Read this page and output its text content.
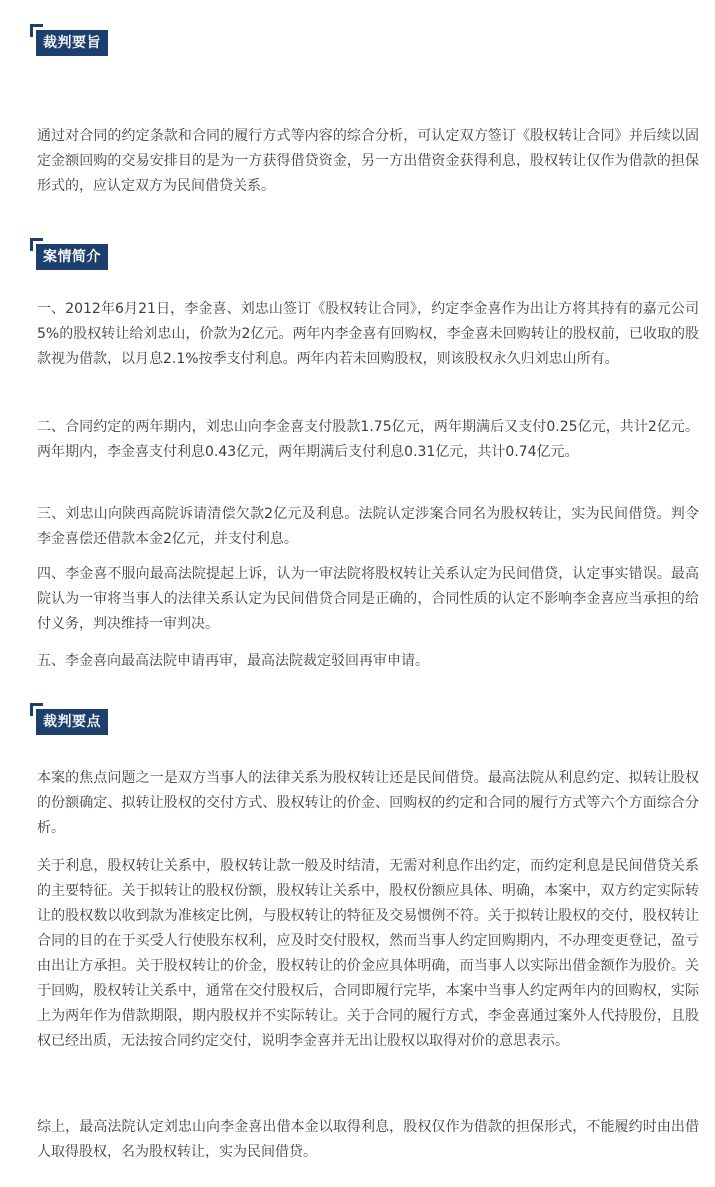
裁判要旨

通过对合同的约定条款和合同的履行方式等内容的综合分析，可认定双方签订《股权转让合同》并后续以固定金额回购的交易安排目的是为一方获得借贷资金，另一方出借资金获得利息，股权转让仅作为借款的担保形式的，应认定双方为民间借贷关系。

案情简介

一、2012年6月21日，李金喜、刘忠山签订《股权转让合同》，约定李金喜作为出让方将其持有的嘉元公司5%的股权转让给刘忠山，价款为2亿元。两年内李金喜有回购权，李金喜未回购转让的股权前，已收取的股款视为借款，以月息2.1%按季支付利息。两年内若未回购股权，则该股权永久归刘忠山所有。

二、合同约定的两年期内，刘忠山向李金喜支付股款1.75亿元，两年期满后又支付0.25亿元，共计2亿元。两年期内，李金喜支付利息0.43亿元，两年期满后支付利息0.31亿元，共计0.74亿元。

三、刘忠山向陕西高院诉请清偿欠款2亿元及利息。法院认定涉案合同名为股权转让，实为民间借贷。判令李金喜偿还借款本金2亿元，并支付利息。

四、李金喜不服向最高法院提起上诉，认为一审法院将股权转让关系认定为民间借贷，认定事实错误。最高院认为一审将当事人的法律关系认定为民间借贷合同是正确的，合同性质的认定不影响李金喜应当承担的给付义务，判决维持一审判决。

五、李金喜向最高法院申请再审，最高法院裁定驳回再审申请。

裁判要点

本案的焦点问题之一是双方当事人的法律关系为股权转让还是民间借贷。最高法院从利息约定、拟转让股权的份额确定、拟转让股权的交付方式、股权转让的价金、回购权的约定和合同的履行方式等六个方面综合分析。

关于利息，股权转让关系中，股权转让款一般及时结清，无需对利息作出约定，而约定利息是民间借贷关系的主要特征。关于拟转让的股权份额，股权转让关系中，股权份额应具体、明确，本案中，双方约定实际转让的股权数以收到款为准核定比例，与股权转让的特征及交易惯例不符。关于拟转让股权的交付，股权转让合同的目的在于买受人行使股东权利，应及时交付股权，然而当事人约定回购期内，不办理变更登记，盈亏由出让方承担。关于股权转让的价金，股权转让的价金应具体明确，而当事人以实际出借金额作为股价。关于回购，股权转让关系中，通常在交付股权后，合同即履行完毕，本案中当事人约定两年内的回购权，实际上为两年作为借款期限，期内股权并不实际转让。关于合同的履行方式，李金喜通过案外人代持股份，且股权已经出质，无法按合同约定交付，说明李金喜并无出让股权以取得对价的意思表示。

综上，最高法院认定刘忠山向李金喜出借本金以取得利息，股权仅作为借款的担保形式，不能履约时由出借人取得股权，名为股权转让，实为民间借贷。
